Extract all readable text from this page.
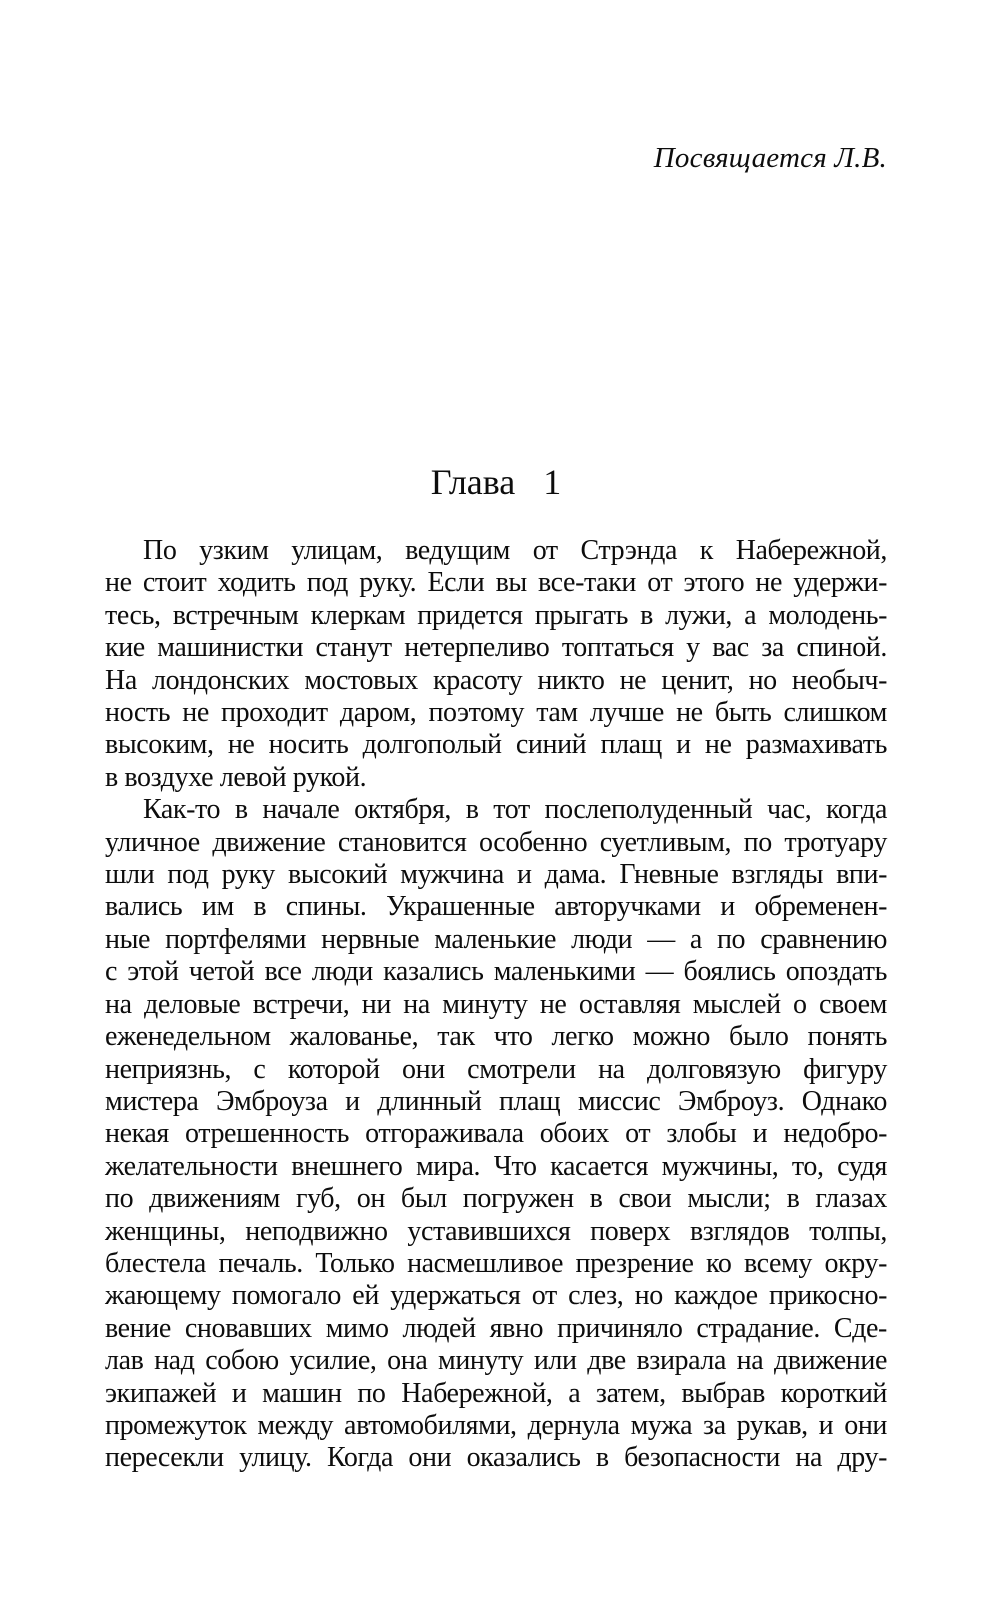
Посвящается Л.В.
Глава 1
По узким улицам, ведущим от Стрэнда к Набережной,
не стоит ходить под руку. Если вы все-таки от этого не удержи-
тесь, встречным клеркам придется прыгать в лужи, а молодень-
кие машинистки станут нетерпеливо топтаться у вас за спиной.
На лондонских мостовых красоту никто не ценит, но необыч-
ность не проходит даром, поэтому там лучше не быть слишком
высоким, не носить долгополый синий плащ и не размахивать
в воздухе левой рукой.
Как-то в начале октября, в тот послеполуденный час, когда
уличное движение становится особенно суетливым, по тротуару
шли под руку высокий мужчина и дама. Гневные взгляды впи-
вались им в спины. Украшенные авторучками и обременен-
ные портфелями нервные маленькие люди — а по сравнению
с этой четой все люди казались маленькими — боялись опоздать
на деловые встречи, ни на минуту не оставляя мыслей о своем
еженедельном жалованье, так что легко можно было понять
неприязнь, с которой они смотрели на долговязую фигуру
мистера Эмброуза и длинный плащ миссис Эмброуз. Однако
некая отрешенность отгораживала обоих от злобы и недобро-
желательности внешнего мира. Что касается мужчины, то, судя
по движениям губ, он был погружен в свои мысли; в глазах
женщины, неподвижно уставившихся поверх взглядов толпы,
блестела печаль. Только насмешливое презрение ко всему окру-
жающему помогало ей удержаться от слез, но каждое прикосно-
вение сновавших мимо людей явно причиняло страдание. Сде-
лав над собою усилие, она минуту или две взирала на движение
экипажей и машин по Набережной, а затем, выбрав короткий
промежуток между автомобилями, дернула мужа за рукав, и они
пересекли улицу. Когда они оказались в безопасности на дру-
